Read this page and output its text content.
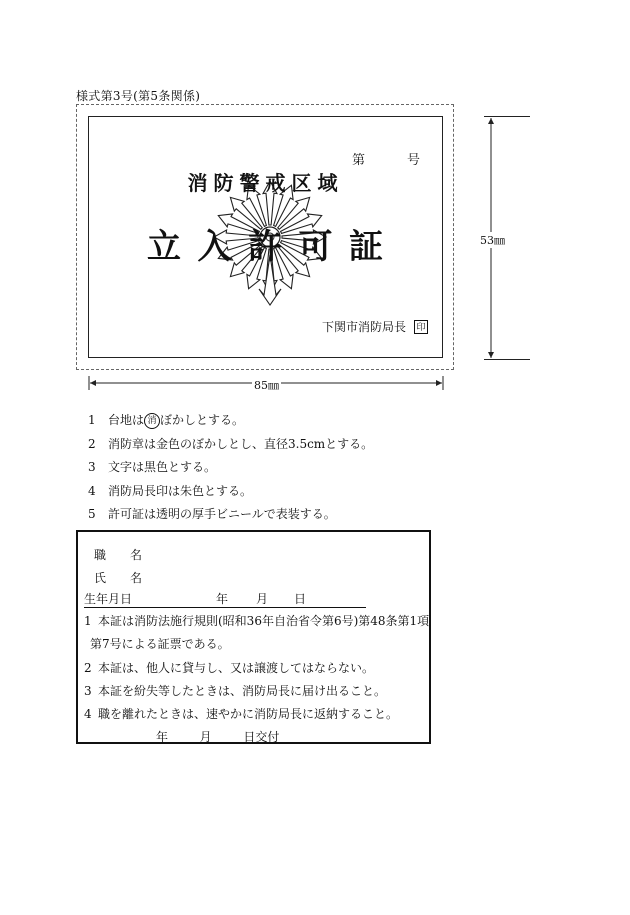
様式第3号(第5条関係)
第	号
消防警戒区域
立 入 許 可 証
下関市消防局長 印
85㎜
53㎜
1 台地は 消 ぼかしとする。
2 消防章は金色のぼかしとし、直径3.5cmとする。
3 文字は黒色とする。
4 消防局長印は朱色とする。
5 許可証は透明の厚手ビニールで表装する。
職　　名
氏　　名
生年月日	年 月 日
1 本証は消防法施行規則(昭和36年自治省令第6号)第48条第1項
第7号による証票である。
2 本証は、他人に貸与し、又は譲渡してはならない。
3 本証を紛失等したときは、消防局長に届け出ること。
4 職を離れたときは、速やかに消防局長に返納すること。
年	月	日交付
